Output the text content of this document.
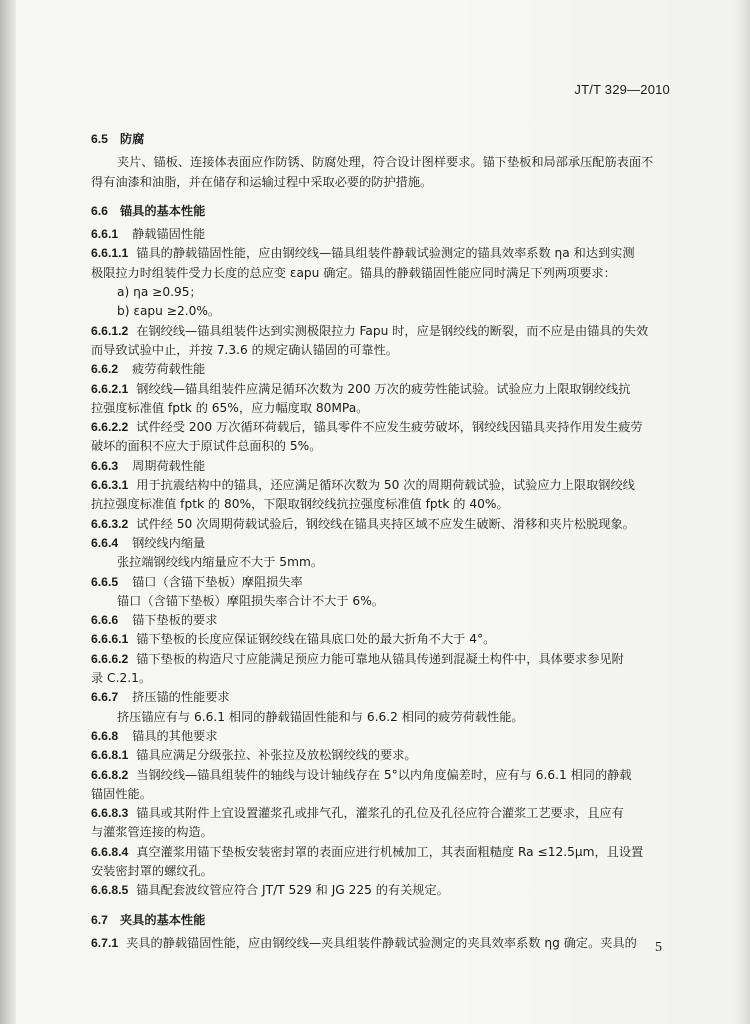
JT/T 329—2010
6.5 防腐
夹片、锚板、连接体表面应作防锈、防腐处理，符合设计图样要求。锚下垫板和局部承压配筋表面不
得有油漆和油脂，并在储存和运输过程中采取必要的防护措施。
6.6 锚具的基本性能
6.6.1 静载锚固性能
6.6.1.1 锚具的静载锚固性能，应由钢绞线—锚具组装件静载试验测定的锚具效率系数 ηa 和达到实测
极限拉力时组装件受力长度的总应变 εapu 确定。锚具的静载锚固性能应同时满足下列两项要求：
a) ηa ≥0.95；
b) εapu ≥2.0%。
6.6.1.2 在钢绞线—锚具组装件达到实测极限拉力 Fapu 时，应是钢绞线的断裂，而不应是由锚具的失效
而导致试验中止，并按 7.3.6 的规定确认锚固的可靠性。
6.6.2 疲劳荷载性能
6.6.2.1 钢绞线—锚具组装件应满足循环次数为 200 万次的疲劳性能试验。试验应力上限取钢绞线抗
拉强度标准值 fptk 的 65%，应力幅度取 80MPa。
6.6.2.2 试件经受 200 万次循环荷载后，锚具零件不应发生疲劳破坏，钢绞线因锚具夹持作用发生疲劳
破坏的面积不应大于原试件总面积的 5%。
6.6.3 周期荷载性能
6.6.3.1 用于抗震结构中的锚具，还应满足循环次数为 50 次的周期荷载试验，试验应力上限取钢绞线
抗拉强度标准值 fptk 的 80%，下限取钢绞线抗拉强度标准值 fptk 的 40%。
6.6.3.2 试件经 50 次周期荷载试验后，钢绞线在锚具夹持区域不应发生破断、滑移和夹片松脱现象。
6.6.4 钢绞线内缩量
张拉端钢绞线内缩量应不大于 5mm。
6.6.5 锚口（含锚下垫板）摩阻损失率
锚口（含锚下垫板）摩阻损失率合计不大于 6%。
6.6.6 锚下垫板的要求
6.6.6.1 锚下垫板的长度应保证钢绞线在锚具底口处的最大折角不大于 4°。
6.6.6.2 锚下垫板的构造尺寸应能满足预应力能可靠地从锚具传递到混凝土构件中，具体要求参见附
录 C.2.1。
6.6.7 挤压锚的性能要求
挤压锚应有与 6.6.1 相同的静载锚固性能和与 6.6.2 相同的疲劳荷载性能。
6.6.8 锚具的其他要求
6.6.8.1 锚具应满足分级张拉、补张拉及放松钢绞线的要求。
6.6.8.2 当钢绞线—锚具组装件的轴线与设计轴线存在 5°以内角度偏差时，应有与 6.6.1 相同的静载
锚固性能。
6.6.8.3 锚具或其附件上宜设置灌浆孔或排气孔，灌浆孔的孔位及孔径应符合灌浆工艺要求，且应有
与灌浆管连接的构造。
6.6.8.4 真空灌浆用锚下垫板安装密封罩的表面应进行机械加工，其表面粗糙度 Ra ≤12.5μm，且设置
安装密封罩的螺纹孔。
6.6.8.5 锚具配套波纹管应符合 JT/T 529 和 JG 225 的有关规定。
6.7 夹具的基本性能
6.7.1 夹具的静载锚固性能，应由钢绞线—夹具组装件静载试验测定的夹具效率系数 ηg 确定。夹具的	5
